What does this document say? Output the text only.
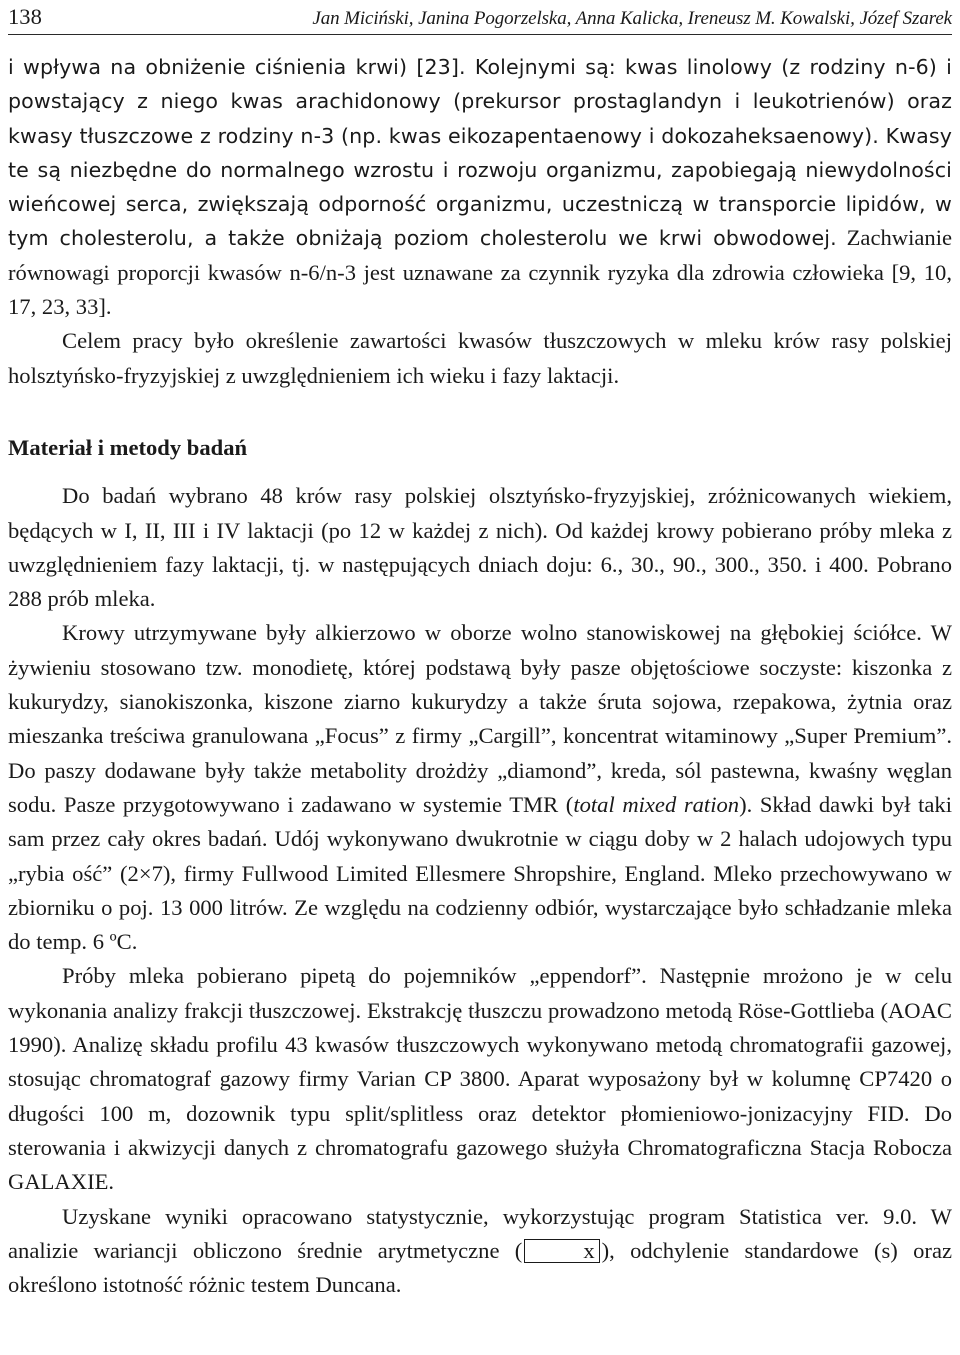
138	Jan Miciński, Janina Pogorzelska, Anna Kalicka, Ireneusz M. Kowalski, Józef Szarek

i wpływa na obniżenie ciśnienia krwi) [23]. Kolejnymi są: kwas linolowy (z rodziny n-6) i powstający z niego kwas arachidonowy (prekursor prostaglandyn i leukotrienów) oraz kwasy tłuszczowe z rodziny n-3 (np. kwas eikozapentaenowy i dokozaheksaenowy). Kwasy te są niezbędne do normalnego wzrostu i rozwoju organizmu, zapobiegają niewydolności wieńcowej serca, zwiększają odporność organizmu, uczestniczą w transporcie lipidów, w tym cholesterolu, a także obniżają poziom cholesterolu we krwi obwodowej. Zachwianie równowagi proporcji kwasów n-6/n-3 jest uznawane za czynnik ryzyka dla zdrowia człowieka [9, 10, 17, 23, 33].

Celem pracy było określenie zawartości kwasów tłuszczowych w mleku krów rasy polskiej holsztyńsko-fryzyjskiej z uwzględnieniem ich wieku i fazy laktacji.

Materiał i metody badań

Do badań wybrano 48 krów rasy polskiej olsztyńsko-fryzyjskiej, zróżnicowanych wiekiem, będących w I, II, III i IV laktacji (po 12 w każdej z nich). Od każdej krowy pobierano próby mleka z uwzględnieniem fazy laktacji, tj. w następujących dniach doju: 6., 30., 90., 300., 350. i 400. Pobrano 288 prób mleka.

Krowy utrzymywane były alkierzowo w oborze wolno stanowiskowej na głębokiej ściółce. W żywieniu stosowano tzw. monodietę, której podstawą były pasze objętościowe soczyste: kiszonka z kukurydzy, sianokiszonka, kiszone ziarno kukurydzy a także śruta sojowa, rzepakowa, żytnia oraz mieszanka treściwa granulowana „Focus” z firmy „Cargill”, koncentrat witaminowy „Super Premium”. Do paszy dodawane były także metabolity drożdży „diamond”, kreda, sól pastewna, kwaśny węglan sodu. Pasze przygotowywano i zadawano w systemie TMR (total mixed ration). Skład dawki był taki sam przez cały okres badań. Udój wykonywano dwukrotnie w ciągu doby w 2 halach udojowych typu „rybia ość” (2×7), firmy Fullwood Limited Ellesmere Shropshire, England. Mleko przechowywano w zbiorniku o poj. 13 000 litrów. Ze względu na codzienny odbiór, wystarczające było schładzanie mleka do temp. 6 ºC.

Próby mleka pobierano pipetą do pojemników „eppendorf”. Następnie mrożono je w celu wykonania analizy frakcji tłuszczowej. Ekstrakcję tłuszczu prowadzono metodą Röse-Gottlieba (AOAC 1990). Analizę składu profilu 43 kwasów tłuszczowych wykonywano metodą chromatografii gazowej, stosując chromatograf gazowy firmy Varian CP 3800. Aparat wyposażony był w kolumnę CP7420 o długości 100 m, dozownik typu split/splitless oraz detektor płomieniowo-jonizacyjny FID. Do sterowania i akwizycji danych z chromatografu gazowego służyła Chromatograficzna Stacja Robocza GALAXIE.

Uzyskane wyniki opracowano statystycznie, wykorzystując program Statistica ver. 9.0. W analizie wariancji obliczono średnie arytmetyczne (	x ), odchylenie standardowe (s) oraz określono istotność różnic testem Duncana.
